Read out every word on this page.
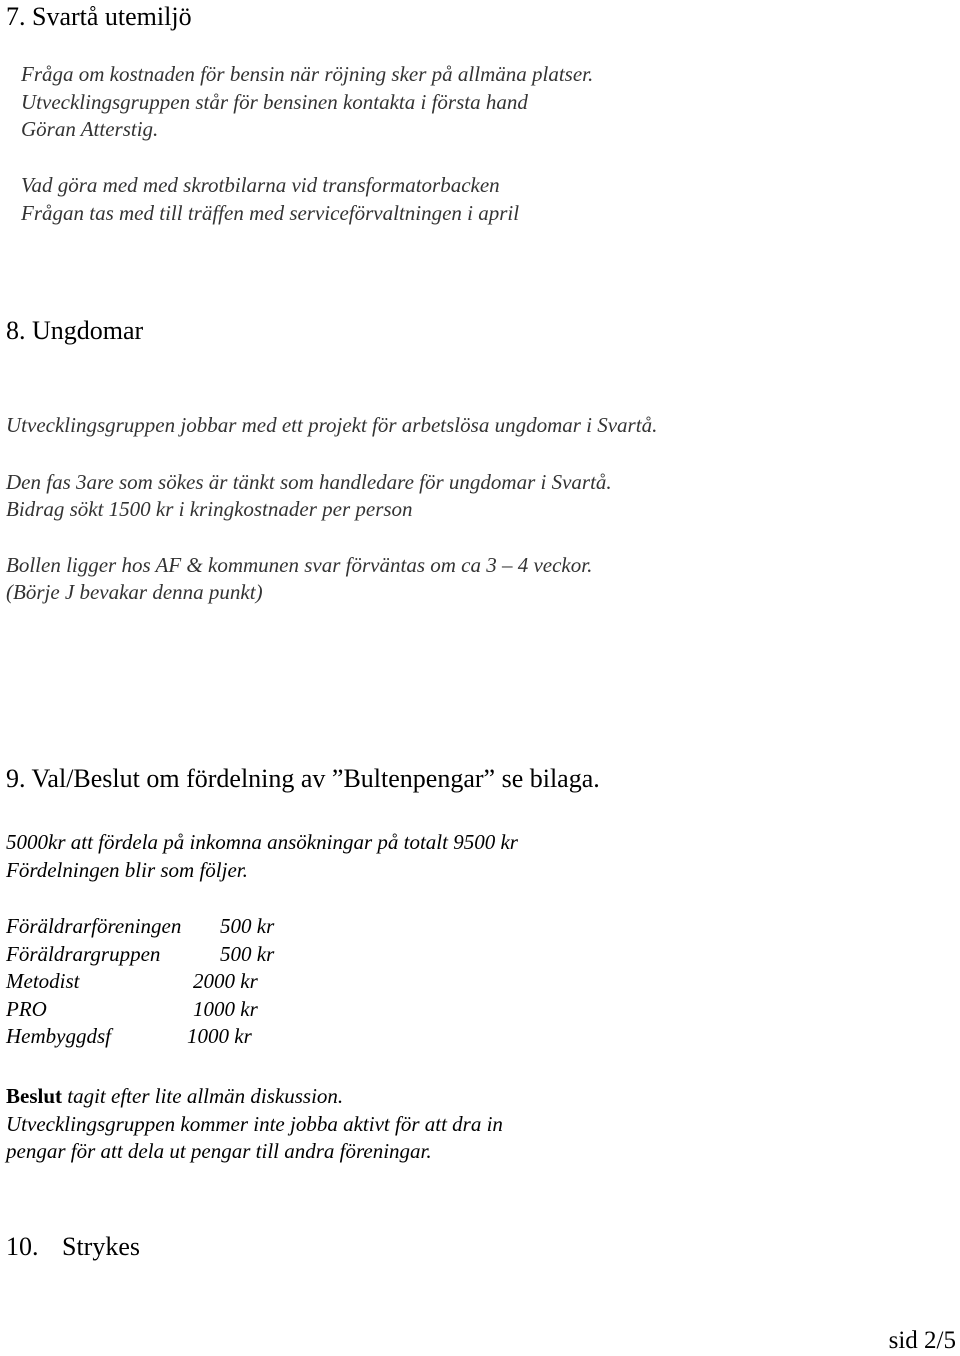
7. Svartå utemiljö
Fråga om kostnaden för bensin när röjning sker på allmäna platser.
Utvecklingsgruppen står för bensinen kontakta i första hand
Göran Atterstig.
Vad göra med med skrotbilarna vid transformatorbacken
Frågan tas med till träffen med serviceförvaltningen i april
8. Ungdomar
Utvecklingsgruppen jobbar med ett projekt för arbetslösa ungdomar i Svartå.
Den fas 3are som sökes är tänkt som handledare för ungdomar i Svartå.
Bidrag sökt 1500 kr i kringkostnader per person
Bollen ligger hos AF & kommunen svar förväntas om ca 3 – 4 veckor.
(Börje J bevakar denna punkt)
9. Val/Beslut om fördelning av ”Bultenpengar” se bilaga.
5000kr att fördela på inkomna ansökningar på totalt 9500 kr
Fördelningen blir som följer.
Föräldrarföreningen 500 kr
Föräldrargruppen	500 kr
Metodist	2000 kr
PRO	1000 kr
Hembyggdsf	1000 kr
Beslut tagit efter lite allmän diskussion.
Utvecklingsgruppen kommer inte jobba aktivt för att dra in
pengar för att dela ut pengar till andra föreningar.
10. Strykes
sid 2/5
